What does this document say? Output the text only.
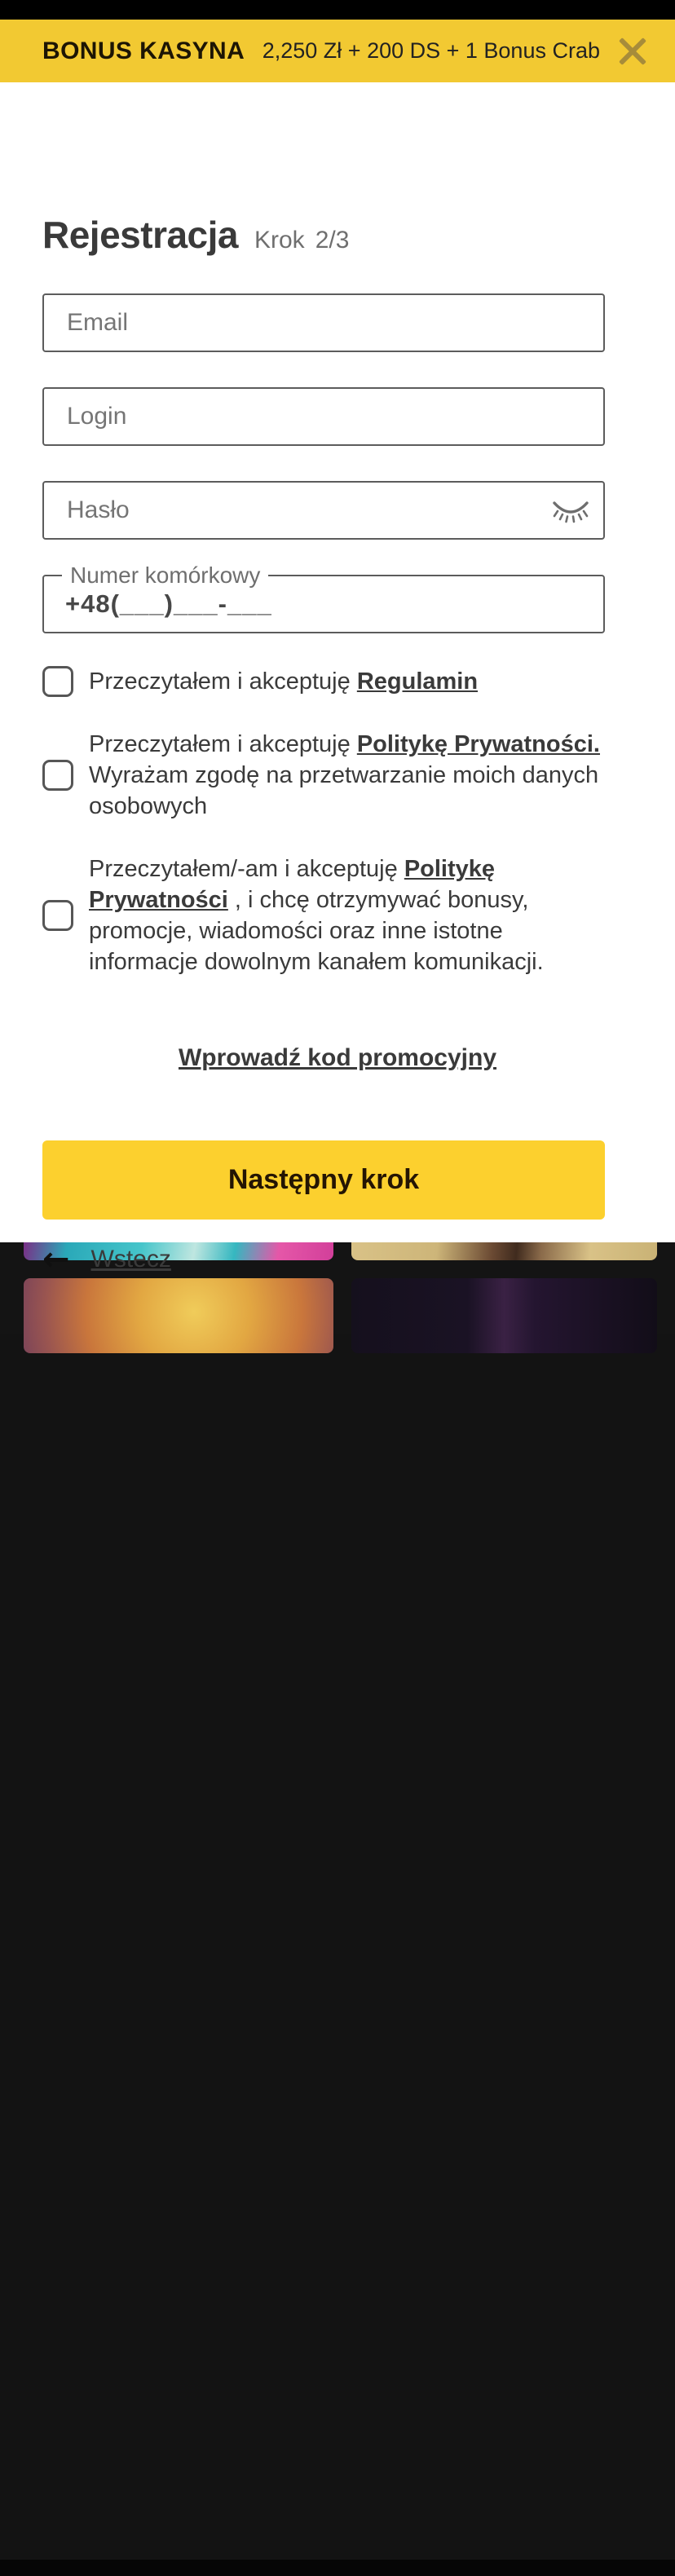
BONUS KASYNA 2,250 Zł + 200 DS + 1 Bonus Crab
Rejestracja Krok 2/3
Email
Login
Numer komórkowy
+48(___)___-___
Przeczytałem i akceptuję Regulamin
Przeczytałem i akceptuję Politykę Prywatności. Wyrażam zgodę na przetwarzanie moich danych osobowych
Przeczytałem/-am i akceptuję Politykę Prywatności , i chcę otrzymywać bonusy, promocje, wiadomości oraz inne istotne informacje dowolnym kanałem komunikacji.
Wprowadź kod promocyjny
Następny krok
← Wstecz
